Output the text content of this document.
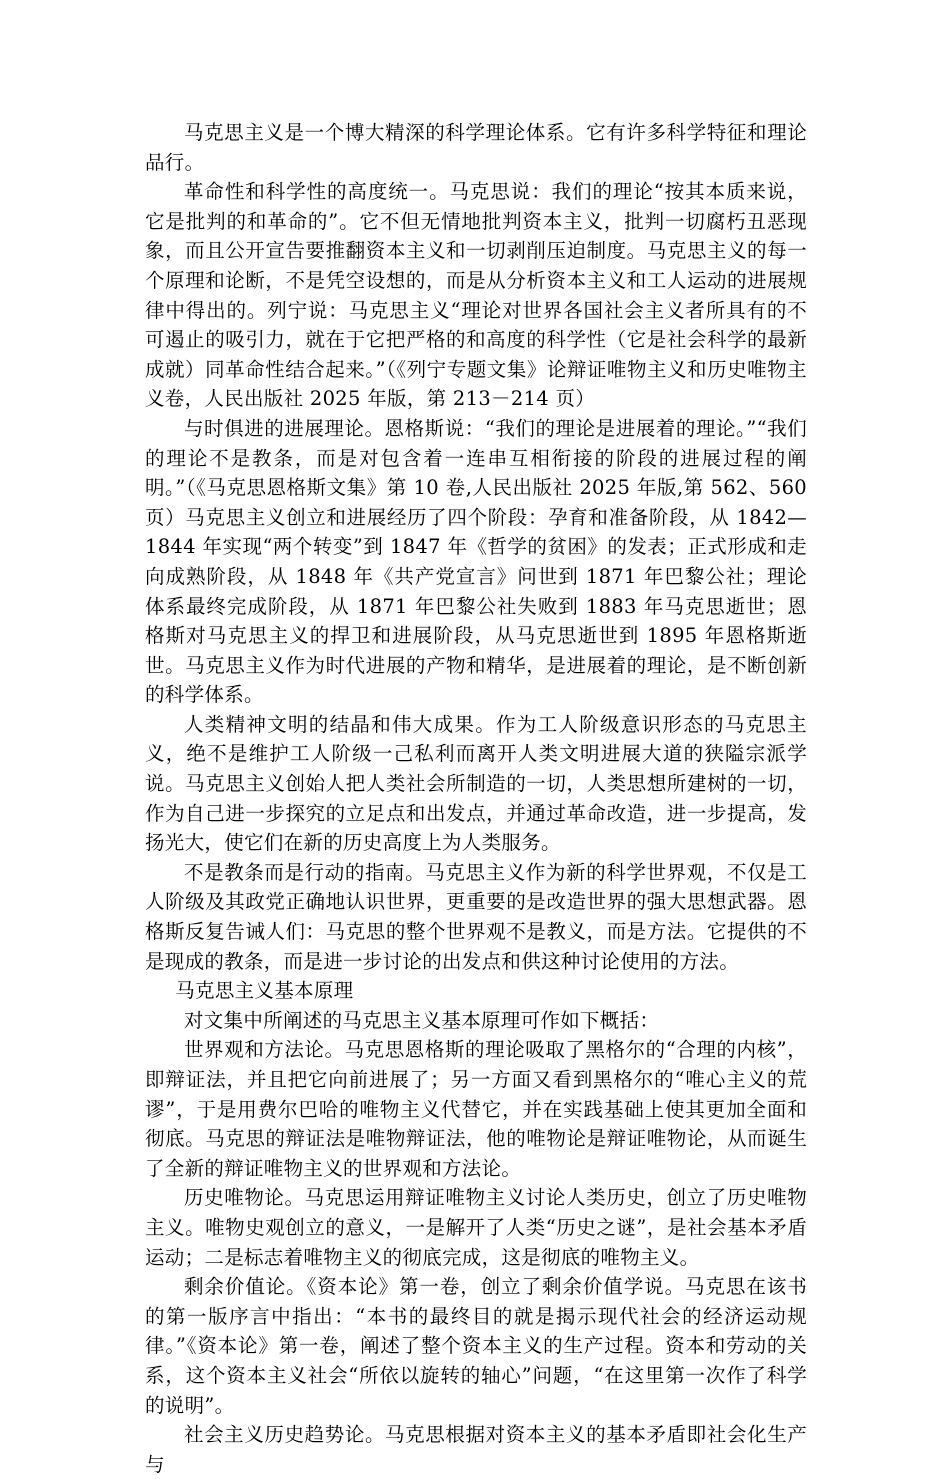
马克思主义是一个博大精深的科学理论体系。它有许多科学特征和理论品行。

革命性和科学性的高度统一。马克思说：我们的理论“按其本质来说，它是批判的和革命的”。它不但无情地批判资本主义，批判一切腐朽丑恶现象，而且公开宣告要推翻资本主义和一切剥削压迫制度。马克思主义的每一个原理和论断，不是凭空设想的，而是从分析资本主义和工人运动的进展规律中得出的。列宁说：马克思主义“理论对世界各国社会主义者所具有的不可遏止的吸引力，就在于它把严格的和高度的科学性（它是社会科学的最新成就）同革命性结合起来。”（《列宁专题文集》论辩证唯物主义和历史唯物主义卷，人民出版社 2025 年版，第 213－214 页）

与时俱进的进展理论。恩格斯说：“我们的理论是进展着的理论。”“我们的理论不是教条，而是对包含着一连串互相衔接的阶段的进展过程的阐明。”（《马克思恩格斯文集》第 10 卷,人民出版社 2025 年版,第 562、560 页）马克思主义创立和进展经历了四个阶段：孕育和准备阶段，从 1842—1844 年实现“两个转变”到 1847 年《哲学的贫困》的发表；正式形成和走向成熟阶段，从 1848 年《共产党宣言》问世到 1871 年巴黎公社；理论体系最终完成阶段，从 1871 年巴黎公社失败到 1883 年马克思逝世；恩格斯对马克思主义的捍卫和进展阶段，从马克思逝世到 1895 年恩格斯逝世。马克思主义作为时代进展的产物和精华，是进展着的理论，是不断创新的科学体系。

人类精神文明的结晶和伟大成果。作为工人阶级意识形态的马克思主义，绝不是维护工人阶级一己私利而离开人类文明进展大道的狭隘宗派学说。马克思主义创始人把人类社会所制造的一切，人类思想所建树的一切，作为自己进一步探究的立足点和出发点，并通过革命改造，进一步提高，发扬光大，使它们在新的历史高度上为人类服务。

不是教条而是行动的指南。马克思主义作为新的科学世界观，不仅是工人阶级及其政党正确地认识世界，更重要的是改造世界的强大思想武器。恩格斯反复告诫人们：马克思的整个世界观不是教义，而是方法。它提供的不是现成的教条，而是进一步讨论的出发点和供这种讨论使用的方法。

马克思主义基本原理

对文集中所阐述的马克思主义基本原理可作如下概括：

世界观和方法论。马克思恩格斯的理论吸取了黑格尔的“合理的内核”，即辩证法，并且把它向前进展了；另一方面又看到黑格尔的“唯心主义的荒谬”，于是用费尔巴哈的唯物主义代替它，并在实践基础上使其更加全面和彻底。马克思的辩证法是唯物辩证法，他的唯物论是辩证唯物论，从而诞生了全新的辩证唯物主义的世界观和方法论。

历史唯物论。马克思运用辩证唯物主义讨论人类历史，创立了历史唯物主义。唯物史观创立的意义，一是解开了人类“历史之谜”，是社会基本矛盾运动；二是标志着唯物主义的彻底完成，这是彻底的唯物主义。

剩余价值论。《资本论》第一卷，创立了剩余价值学说。马克思在该书的第一版序言中指出：“本书的最终目的就是揭示现代社会的经济运动规律。”《资本论》第一卷，阐述了整个资本主义的生产过程。资本和劳动的关系，这个资本主义社会“所依以旋转的轴心”问题，“在这里第一次作了科学的说明”。

社会主义历史趋势论。马克思根据对资本主义的基本矛盾即社会化生产与
